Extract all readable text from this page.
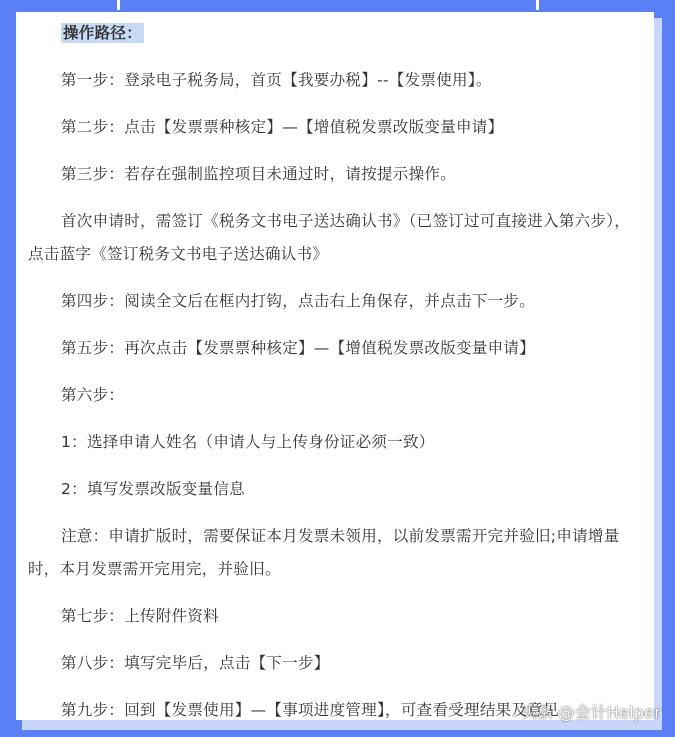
操作路径：

第一步：登录电子税务局，首页【我要办税】--【发票使用】。

第二步：点击【发票票种核定】—【增值税发票改版变量申请】

第三步：若存在强制监控项目未通过时，请按提示操作。

首次申请时，需签订《税务文书电子送达确认书》（已签订过可直接进入第六步），点击蓝字《签订税务文书电子送达确认书》

第四步：阅读全文后在框内打钩，点击右上角保存，并点击下一步。

第五步：再次点击【发票票种核定】—【增值税发票改版变量申请】

第六步：

1：选择申请人姓名（申请人与上传身份证必须一致）

2：填写发票改版变量信息

注意：申请扩版时，需要保证本月发票未领用，以前发票需开完并验旧;申请增量时，本月发票需开完用完，并验旧。

第七步：上传附件资料

第八步：填写完毕后，点击【下一步】

第九步：回到【发票使用】—【事项进度管理】，可查看受理结果及意见

头条 @会计Helper
